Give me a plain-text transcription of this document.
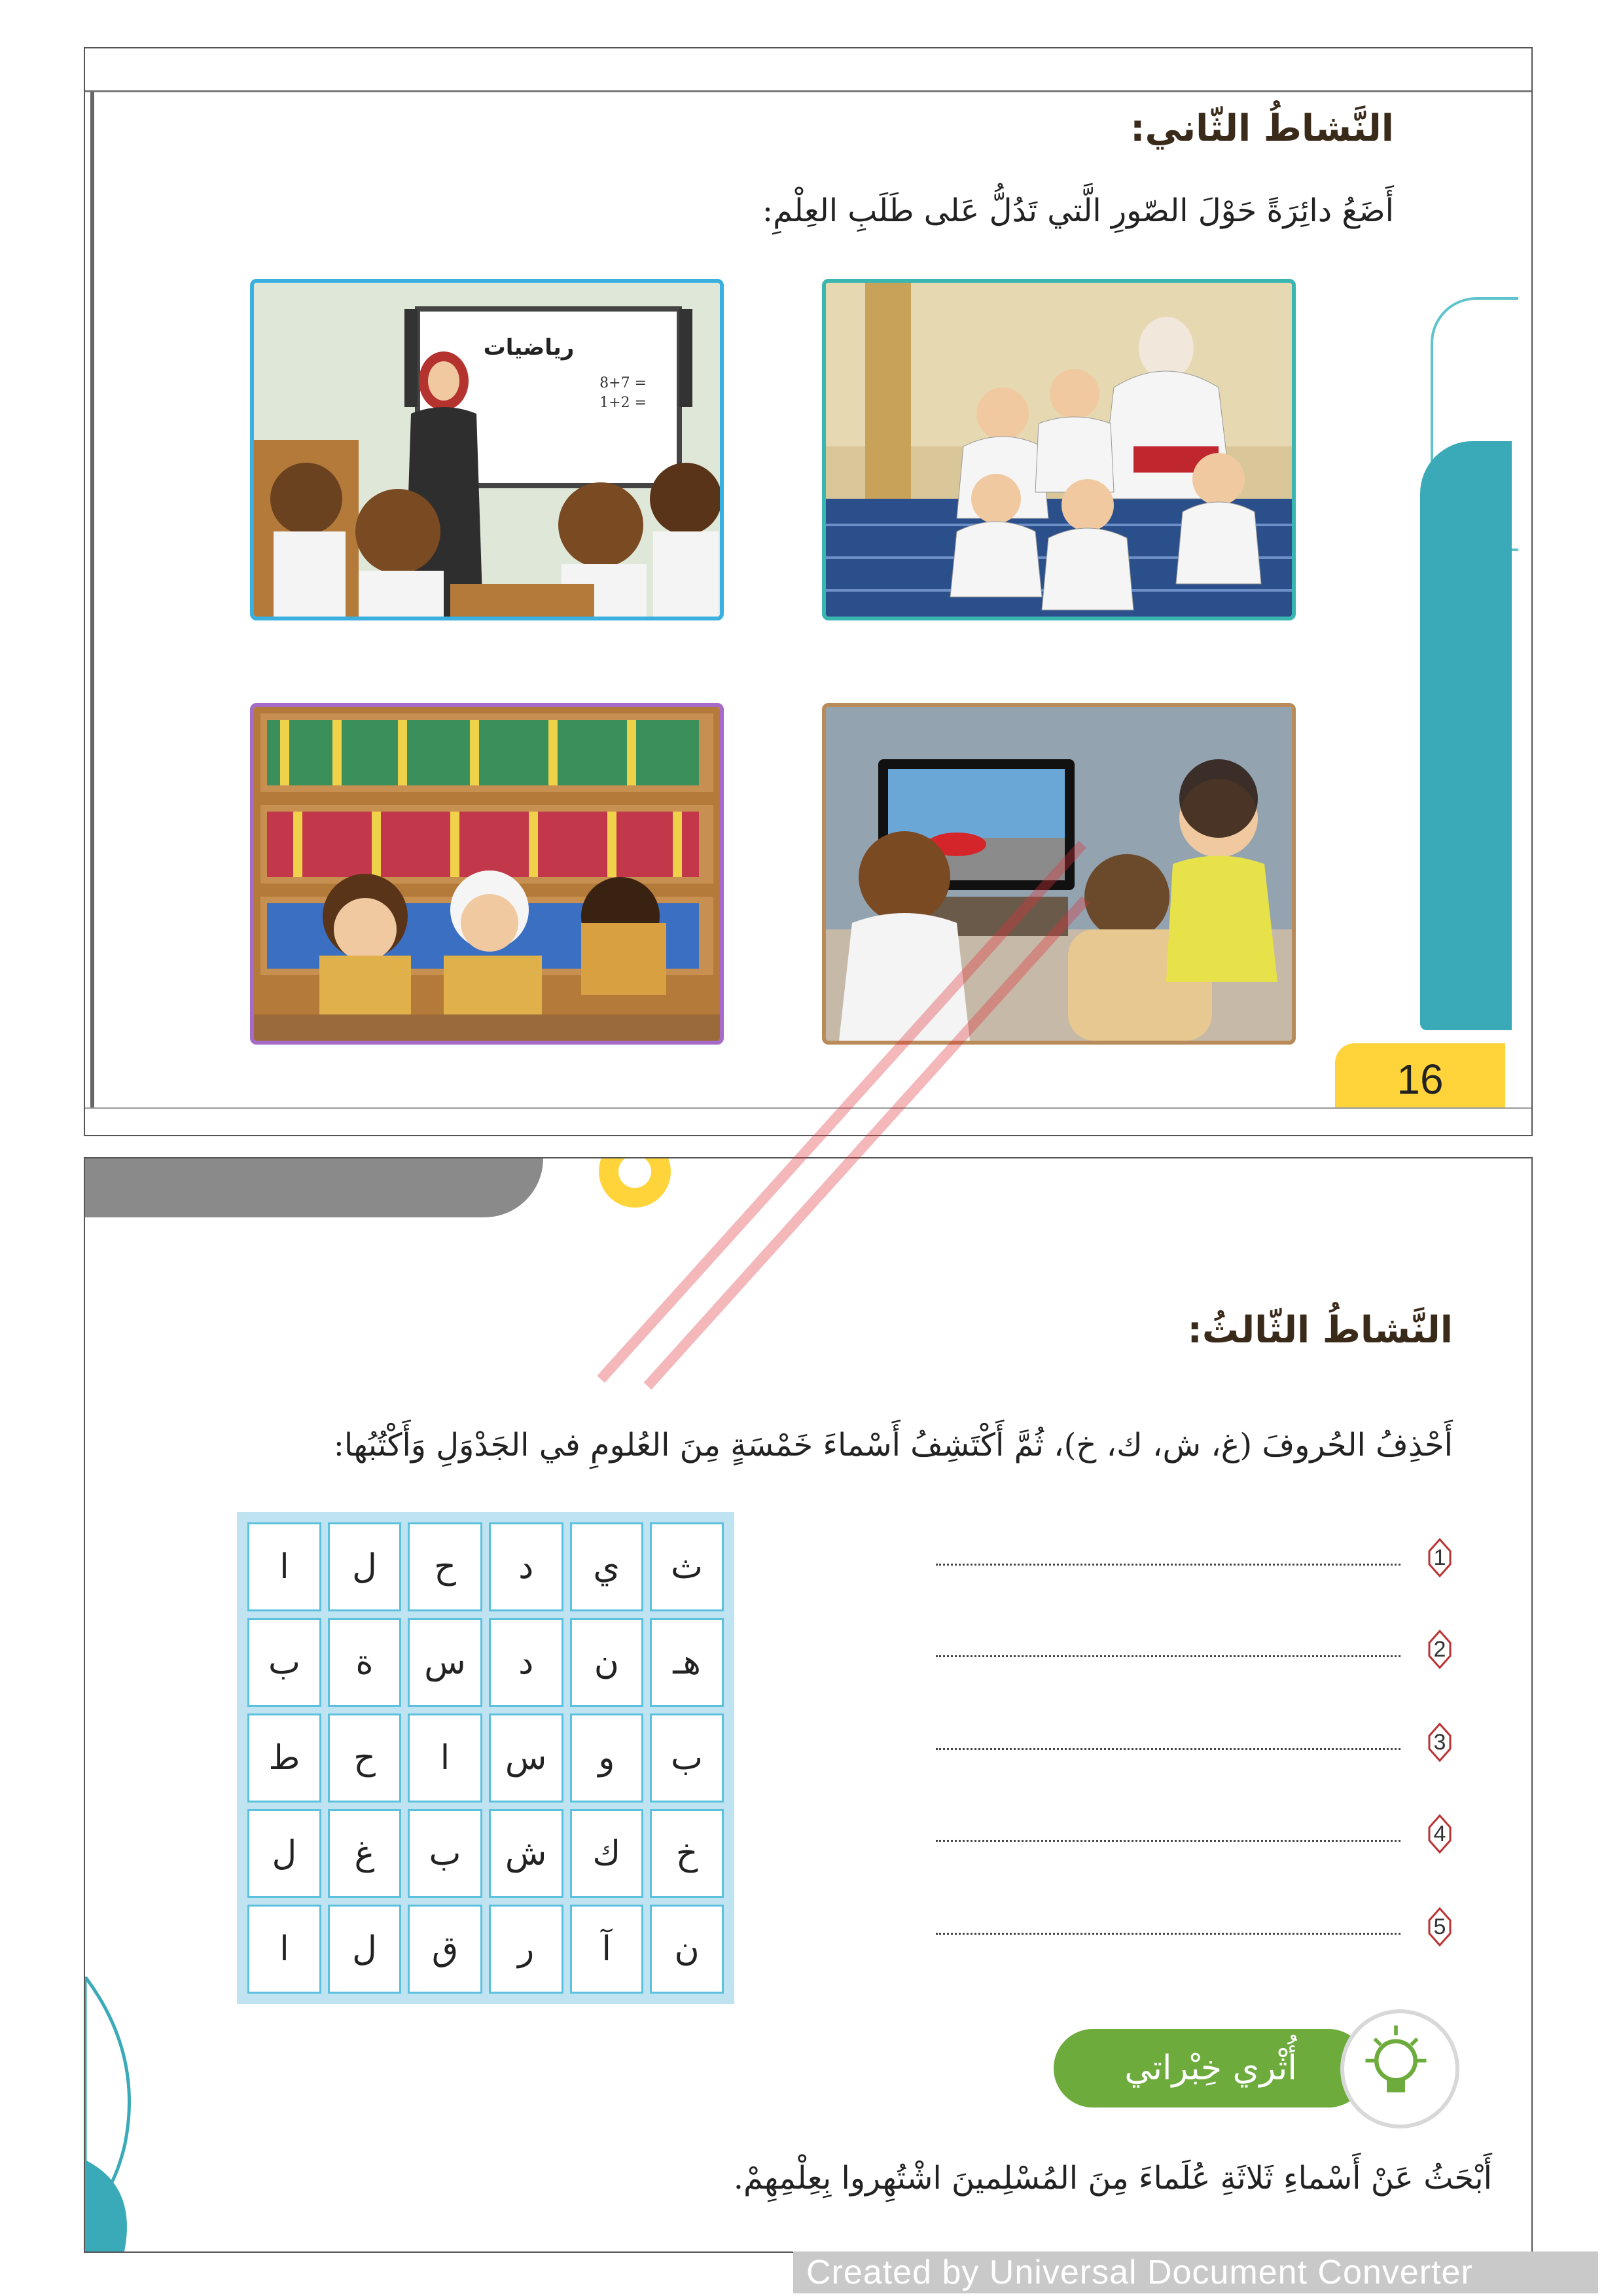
النَّشاطُ الثّاني:
أَضَعُ دائِرَةً حَوْلَ الصّورِ الَّتي تَدُلُّ عَلى طَلَبِ العِلْمِ:
رياضيات
8+7 =
1+2 =
16
النَّشاطُ الثّالثُ:
أَحْذِفُ الحُروفَ (غ، ش، ك، خ)، ثُمَّ أَكْتَشِفُ أَسْماءَ خَمْسَةٍ مِنَ العُلومِ في الجَدْوَلِ وَأَكْتُبُها:
ا	ل	ح	د	ي	ث
ب	ة	س	د	ن	هـ
ط	ح	ا	س	و	ب
ل	غ	ب	ش	ك	خ
ا	ل	ق	ر	آ	ن
1
2
3
4
5
أُثْري خِبْراتي
أَبْحَثُ عَنْ أَسْماءِ ثَلاثَةِ عُلَماءَ مِنَ المُسْلِمينَ اشْتُهِروا بِعِلْمِهِمْ.
Created by Universal Document Converter
